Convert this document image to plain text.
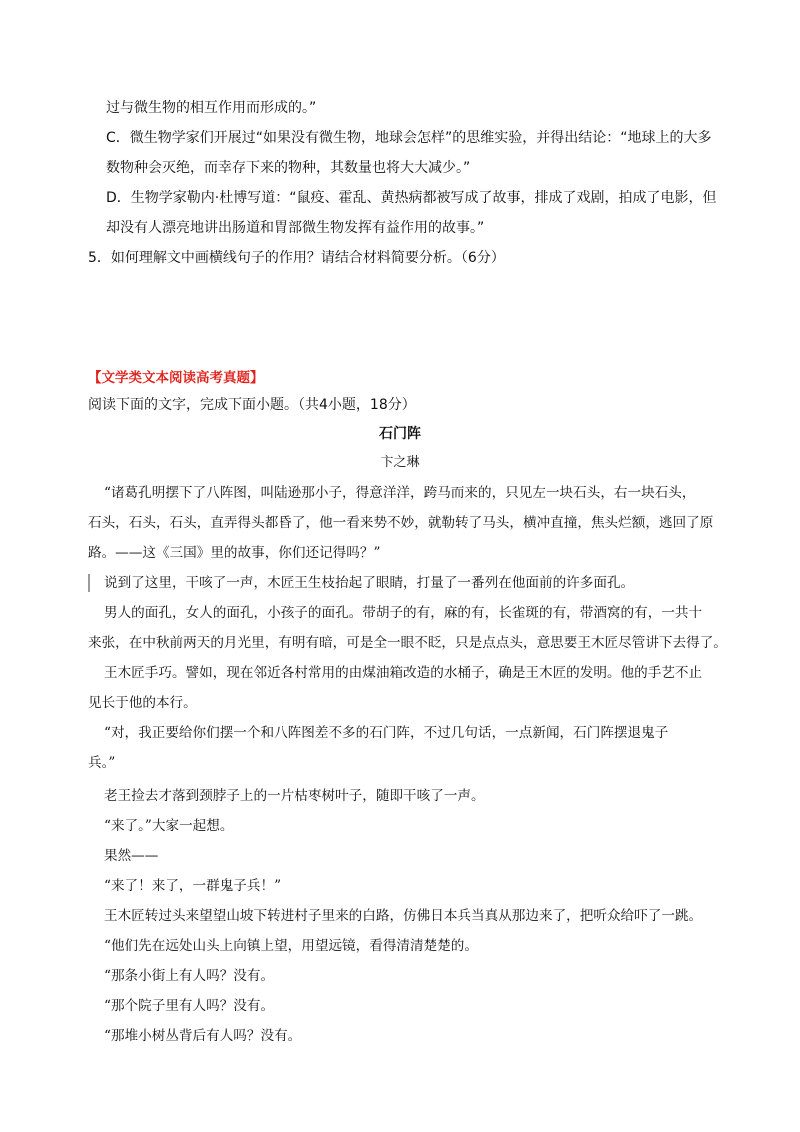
过与微生物的相互作用而形成的。”
C．微生物学家们开展过“如果没有微生物，地球会怎样”的思维实验，并得出结论：“地球上的大多
数物种会灭绝，而幸存下来的物种，其数量也将大大减少。”
D．生物学家勒内·杜博写道：“鼠疫、霍乱、黄热病都被写成了故事，排成了戏剧，拍成了电影，但
却没有人漂亮地讲出肠道和胃部微生物发挥有益作用的故事。”
5．如何理解文中画横线句子的作用？请结合材料简要分析。（6分）
【文学类文本阅读高考真题】
阅读下面的文字，完成下面小题。（共4小题，18分）
石门阵
卞之琳
“诸葛孔明摆下了八阵图，叫陆逊那小子，得意洋洋，跨马而来的，只见左一块石头，右一块石头，
石头，石头，石头，直弄得头都昏了，他一看来势不妙，就勒转了马头，横冲直撞，焦头烂额，逃回了原
路。——这《三国》里的故事，你们还记得吗？”
说到了这里，干咳了一声，木匠王生枝抬起了眼睛，打量了一番列在他面前的许多面孔。
男人的面孔，女人的面孔，小孩子的面孔。带胡子的有，麻的有，长雀斑的有，带酒窝的有，一共十
来张，在中秋前两天的月光里，有明有暗，可是全一眼不眨，只是点点头，意思要王木匠尽管讲下去得了。
王木匠手巧。譬如，现在邻近各村常用的由煤油箱改造的水桶子，确是王木匠的发明。他的手艺不止
见长于他的本行。
“对，我正要给你们摆一个和八阵图差不多的石门阵，不过几句话，一点新闻，石门阵摆退鬼子
兵。”
老王捡去才落到颈脖子上的一片枯枣树叶子，随即干咳了一声。
“来了。”大家一起想。
果然——
“来了！来了，一群鬼子兵！”
王木匠转过头来望望山坡下转进村子里来的白路，仿佛日本兵当真从那边来了，把听众给吓了一跳。
“他们先在远处山头上向镇上望，用望远镜，看得清清楚楚的。
“那条小街上有人吗？没有。
“那个院子里有人吗？没有。
“那堆小树丛背后有人吗？没有。
